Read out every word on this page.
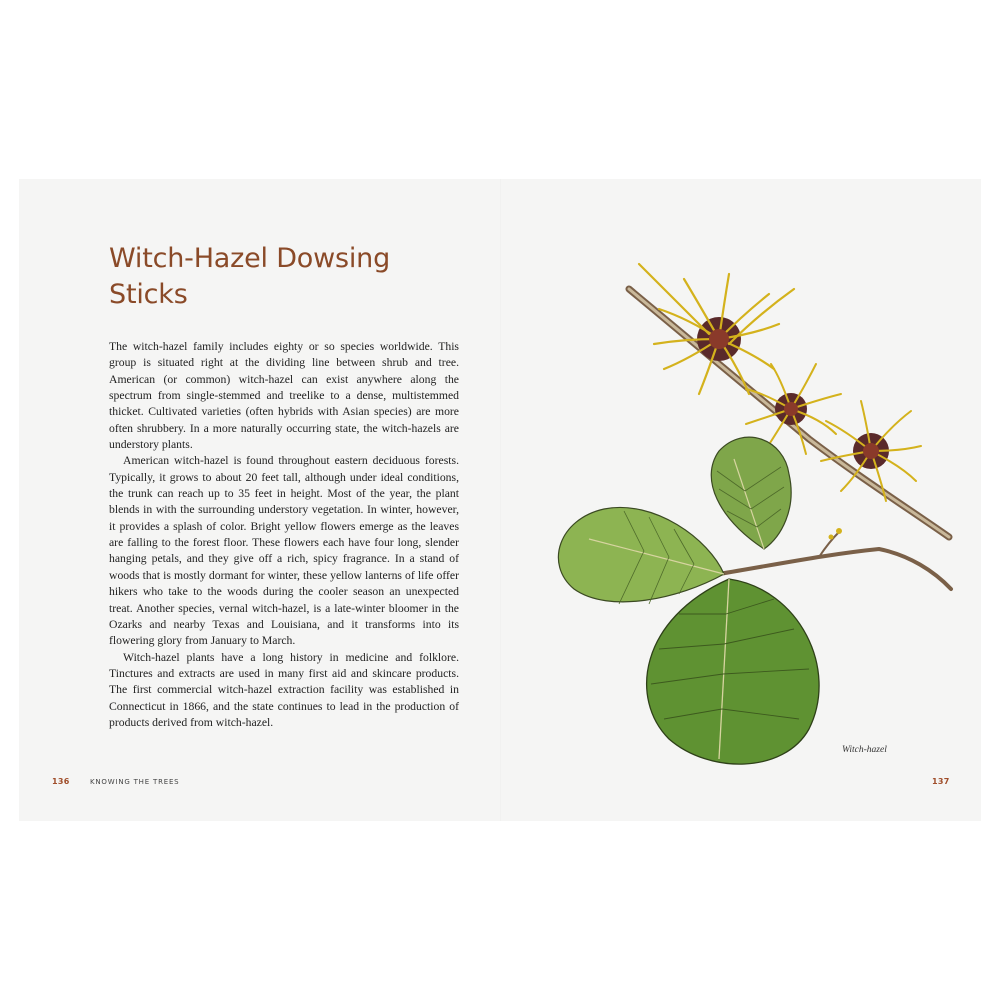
Witch-Hazel Dowsing Sticks

The witch-hazel family includes eighty or so species worldwide. This group is situated right at the dividing line between shrub and tree. American (or common) witch-hazel can exist anywhere along the spectrum from single-stemmed and treelike to a dense, multistemmed thicket. Cultivated varieties (often hybrids with Asian species) are more often shrubbery. In a more naturally occurring state, the witch-hazels are understory plants.

American witch-hazel is found throughout eastern deciduous forests. Typically, it grows to about 20 feet tall, although under ideal conditions, the trunk can reach up to 35 feet in height. Most of the year, the plant blends in with the surrounding understory vegetation. In winter, however, it provides a splash of color. Bright yellow flowers emerge as the leaves are falling to the forest floor. These flowers each have four long, slender hanging petals, and they give off a rich, spicy fragrance. In a stand of woods that is mostly dormant for winter, these yellow lanterns of life offer hikers who take to the woods during the cooler season an unexpected treat. Another species, vernal witch-hazel, is a late-winter bloomer in the Ozarks and nearby Texas and Louisiana, and it transforms into its flowering glory from January to March.

Witch-hazel plants have a long history in medicine and folklore. Tinctures and extracts are used in many first aid and skincare products. The first commercial witch-hazel extraction facility was established in Connecticut in 1866, and the state continues to lead in the production of products derived from witch-hazel.

136	KNOWING THE TREES
Witch-hazel
137
